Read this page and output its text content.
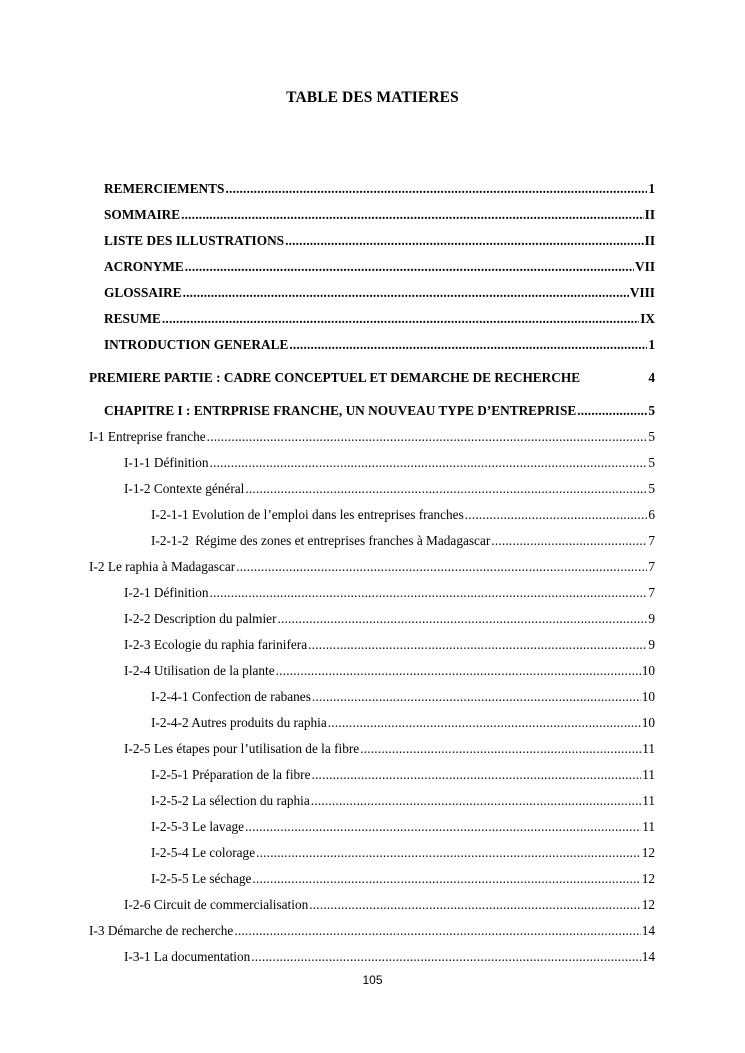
TABLE DES MATIERES
REMERCIEMENTS .....	1
SOMMAIRE .....	II
LISTE DES ILLUSTRATIONS .....	II
ACRONYME .....	VII
GLOSSAIRE .....	VIII
RESUME .....	IX
INTRODUCTION GENERALE .....	1
PREMIERE PARTIE : CADRE CONCEPTUEL ET DEMARCHE DE RECHERCHE	4
CHAPITRE I : ENTRPRISE FRANCHE, UN NOUVEAU TYPE D’ENTREPRISE .....	5
I-1 Entreprise franche .....	5
I-1-1 Définition .....	5
I-1-2 Contexte général .....	5
I-2-1-1 Evolution de l’emploi dans les entreprises franches .....	6
I-2-1-2  Régime des zones et entreprises franches à Madagascar .....	7
I-2 Le raphia à Madagascar .....	7
I-2-1 Définition .....	7
I-2-2 Description du palmier .....	9
I-2-3 Ecologie du raphia farinifera .....	9
I-2-4 Utilisation de la plante .....	10
I-2-4-1 Confection de rabanes .....	10
I-2-4-2 Autres produits du raphia .....	10
I-2-5 Les étapes pour l’utilisation de la fibre .....	11
I-2-5-1 Préparation de la fibre .....	11
I-2-5-2 La sélection du raphia .....	11
I-2-5-3 Le lavage .....	11
I-2-5-4 Le colorage .....	12
I-2-5-5 Le séchage .....	12
I-2-6 Circuit de commercialisation .....	12
I-3 Démarche de recherche .....	14
I-3-1 La documentation .....	14
105
